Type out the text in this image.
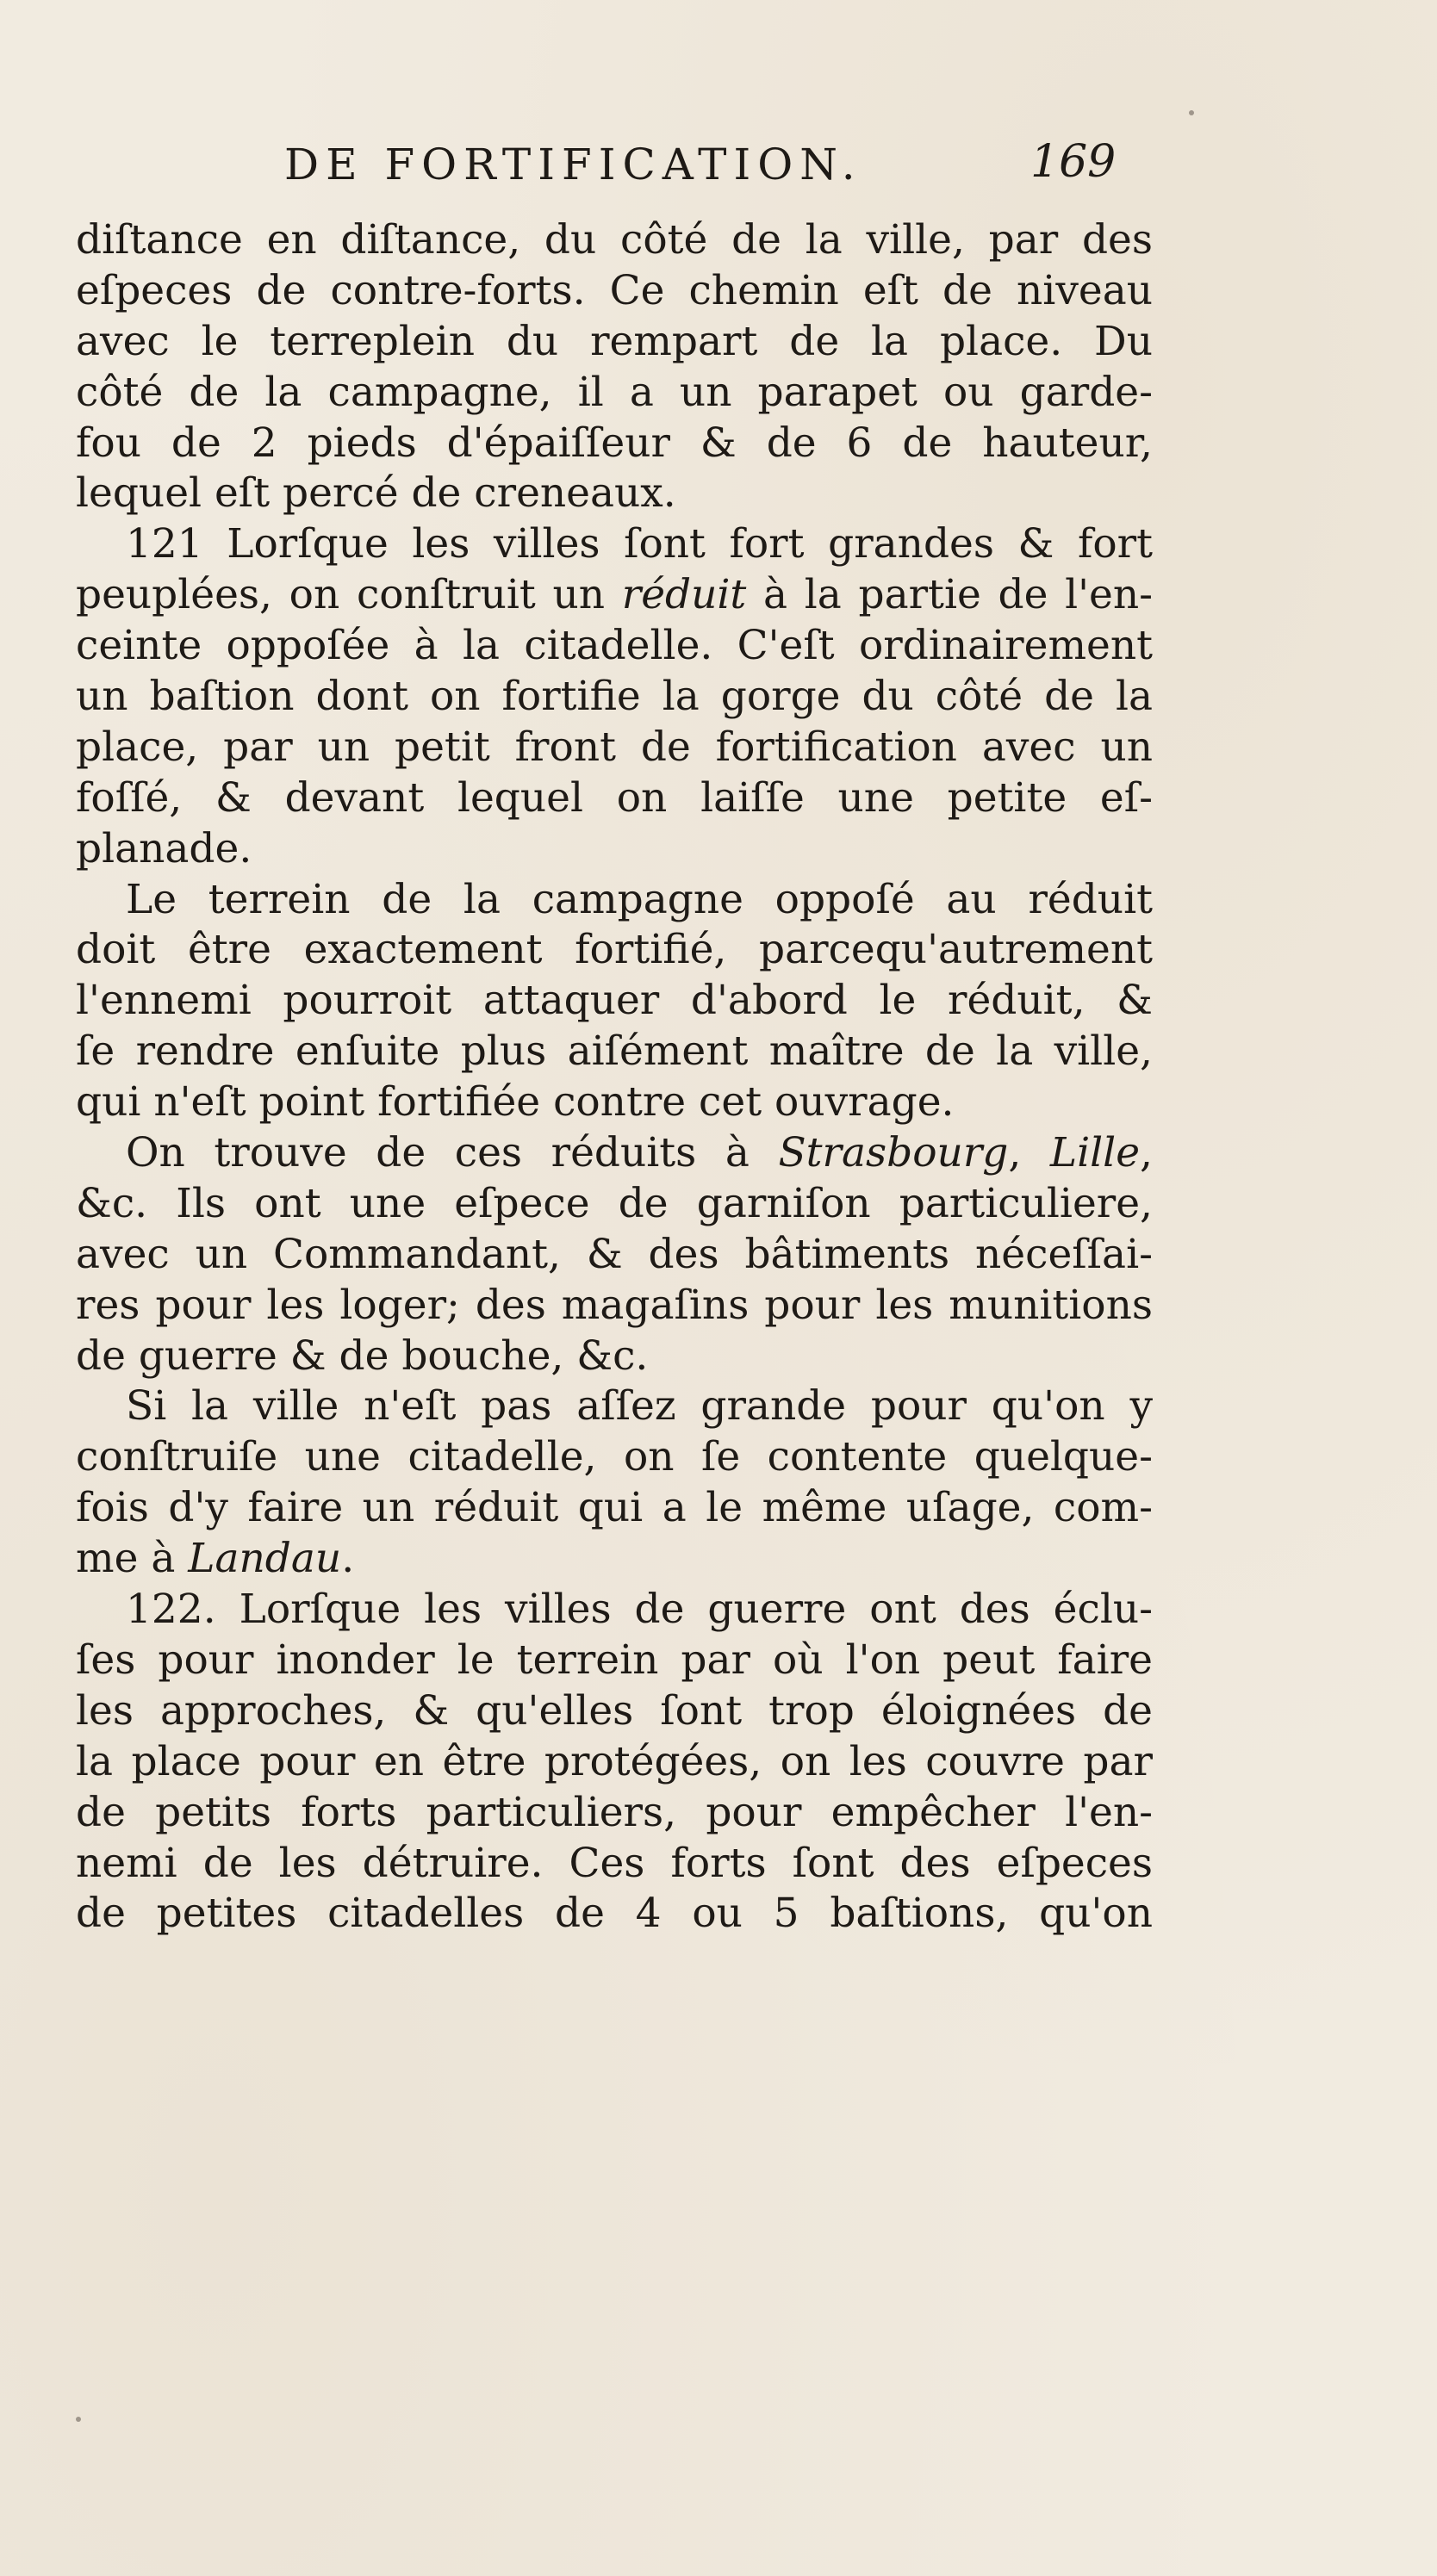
DE FORTIFICATION.	169
diſtance en diſtance, du côté de la ville, par des
eſpeces de contre-forts. Ce chemin eſt de niveau
avec le terreplein du rempart de la place. Du
côté de la campagne, il a un parapet ou garde-
fou de 2 pieds d'épaiſſeur & de 6 de hauteur,
lequel eſt percé de creneaux.
121 Lorſque les villes ſont fort grandes & fort
peuplées, on conſtruit un réduit à la partie de l'en-
ceinte oppoſée à la citadelle. C'eſt ordinairement
un baſtion dont on fortifie la gorge du côté de la
place, par un petit front de fortification avec un
foſſé, & devant lequel on laiſſe une petite eſ-
planade.
Le terrein de la campagne oppoſé au réduit
doit être exactement fortifié, parcequ'autrement
l'ennemi pourroit attaquer d'abord le réduit, &
ſe rendre enſuite plus aiſément maître de la ville,
qui n'eſt point fortifiée contre cet ouvrage.
On trouve de ces réduits à Strasbourg, Lille,
&c. Ils ont une eſpece de garniſon particuliere,
avec un Commandant, & des bâtiments néceſſai-
res pour les loger; des magaſins pour les munitions
de guerre & de bouche, &c.
Si la ville n'eſt pas aſſez grande pour qu'on y
conſtruiſe une citadelle, on ſe contente quelque-
fois d'y faire un réduit qui a le même uſage, com-
me à Landau.
122. Lorſque les villes de guerre ont des éclu-
ſes pour inonder le terrein par où l'on peut faire
les approches, & qu'elles ſont trop éloignées de
la place pour en être protégées, on les couvre par
de petits forts particuliers, pour empêcher l'en-
nemi de les détruire. Ces forts ſont des eſpeces
de petites citadelles de 4 ou 5 baſtions, qu'on
